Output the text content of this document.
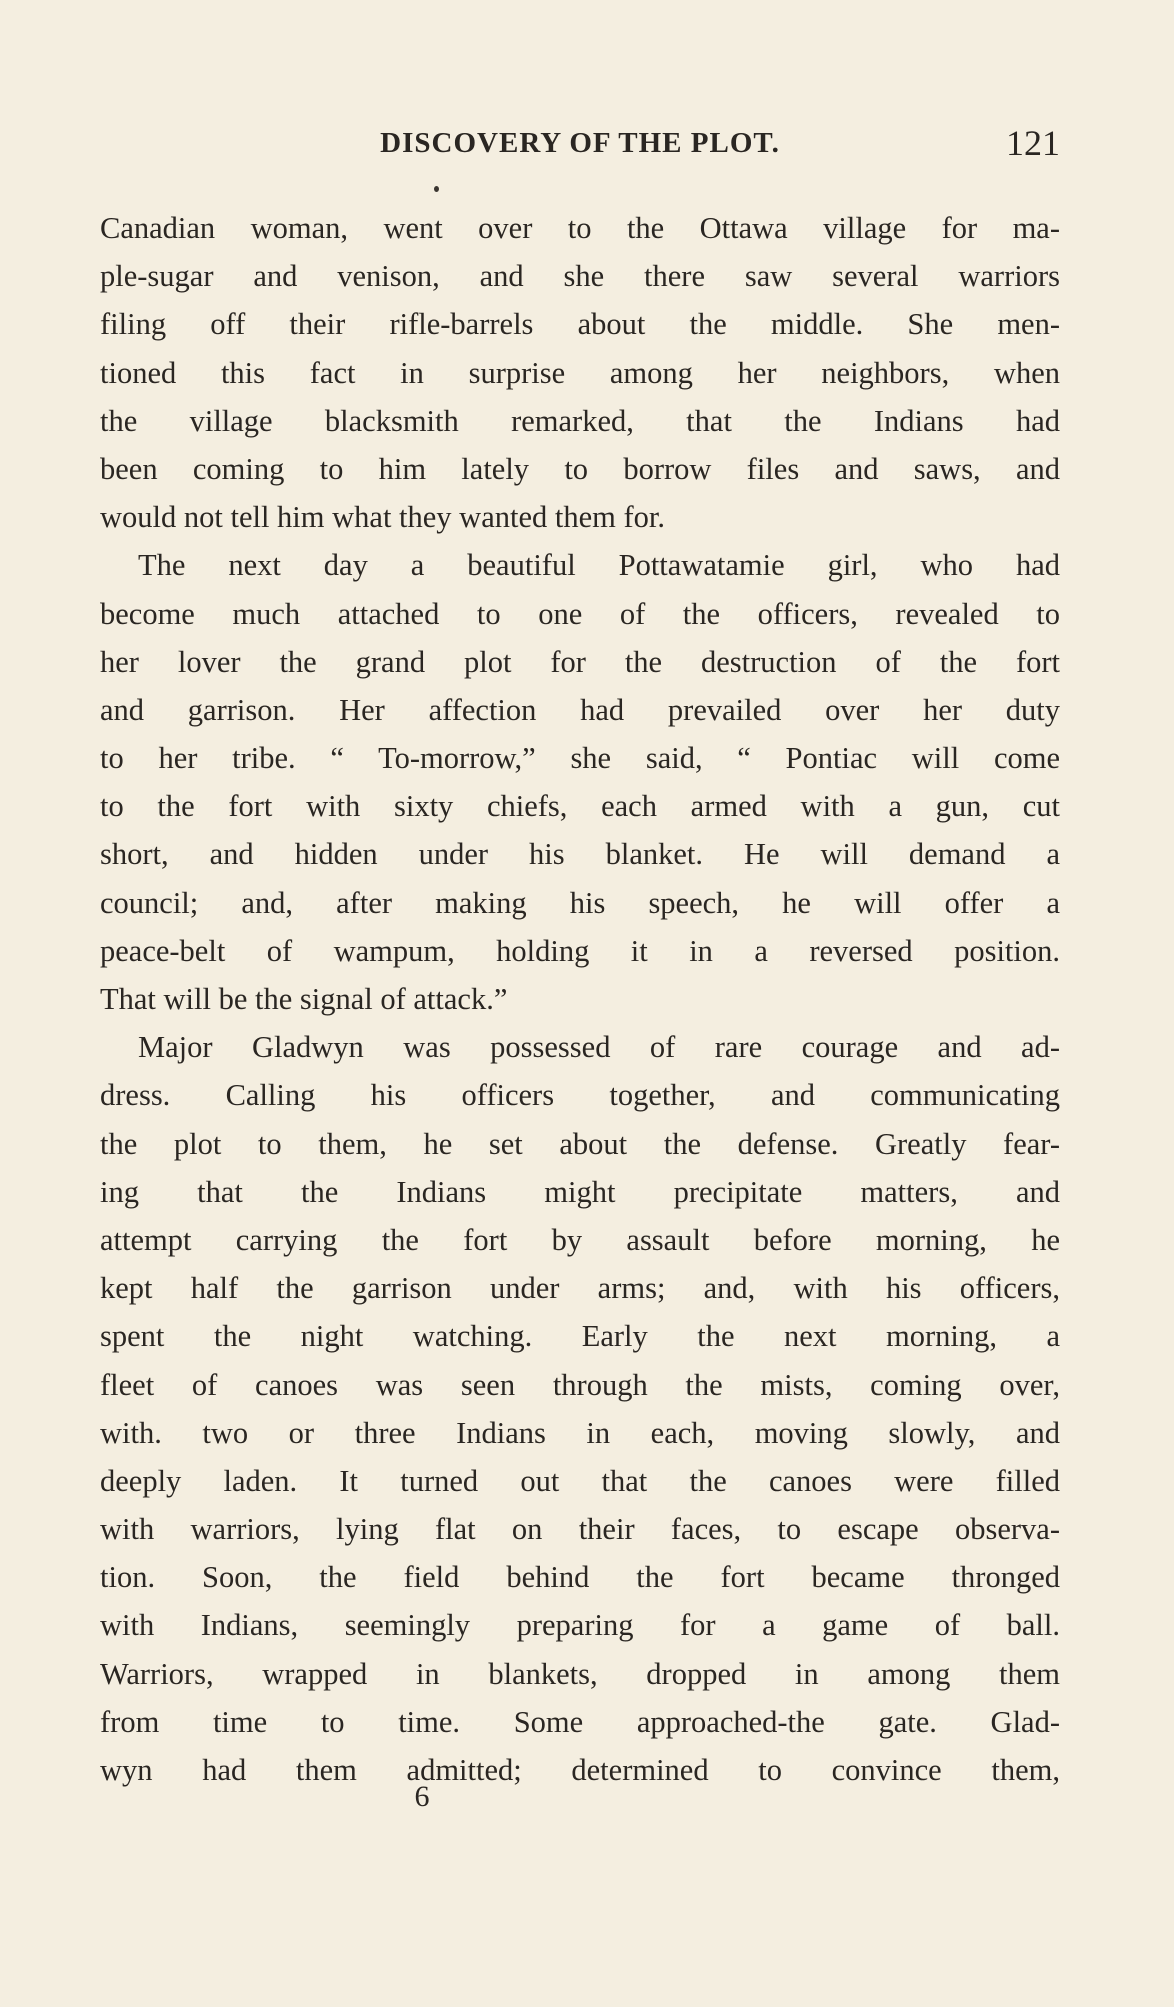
DISCOVERY OF THE PLOT.	121
Canadian woman, went over to the Ottawa village for ma-
ple-sugar and venison, and she there saw several warriors
filing off their rifle-barrels about the middle. She men-
tioned this fact in surprise among her neighbors, when
the village blacksmith remarked, that the Indians had
been coming to him lately to borrow files and saws, and
would not tell him what they wanted them for.
The next day a beautiful Pottawatamie girl, who had
become much attached to one of the officers, revealed to
her lover the grand plot for the destruction of the fort
and garrison. Her affection had prevailed over her duty
to her tribe. “ To-morrow,” she said, “ Pontiac will come
to the fort with sixty chiefs, each armed with a gun, cut
short, and hidden under his blanket. He will demand a
council; and, after making his speech, he will offer a
peace-belt of wampum, holding it in a reversed position.
That will be the signal of attack.”
Major Gladwyn was possessed of rare courage and ad-
dress. Calling his officers together, and communicating
the plot to them, he set about the defense. Greatly fear-
ing that the Indians might precipitate matters, and
attempt carrying the fort by assault before morning, he
kept half the garrison under arms; and, with his officers,
spent the night watching. Early the next morning, a
fleet of canoes was seen through the mists, coming over,
with. two or three Indians in each, moving slowly, and
deeply laden. It turned out that the canoes were filled
with warriors, lying flat on their faces, to escape observa-
tion. Soon, the field behind the fort became thronged
with Indians, seemingly preparing for a game of ball.
Warriors, wrapped in blankets, dropped in among them
from time to time. Some approached-the gate. Glad-
wyn had them admitted; determined to convince them,
6
